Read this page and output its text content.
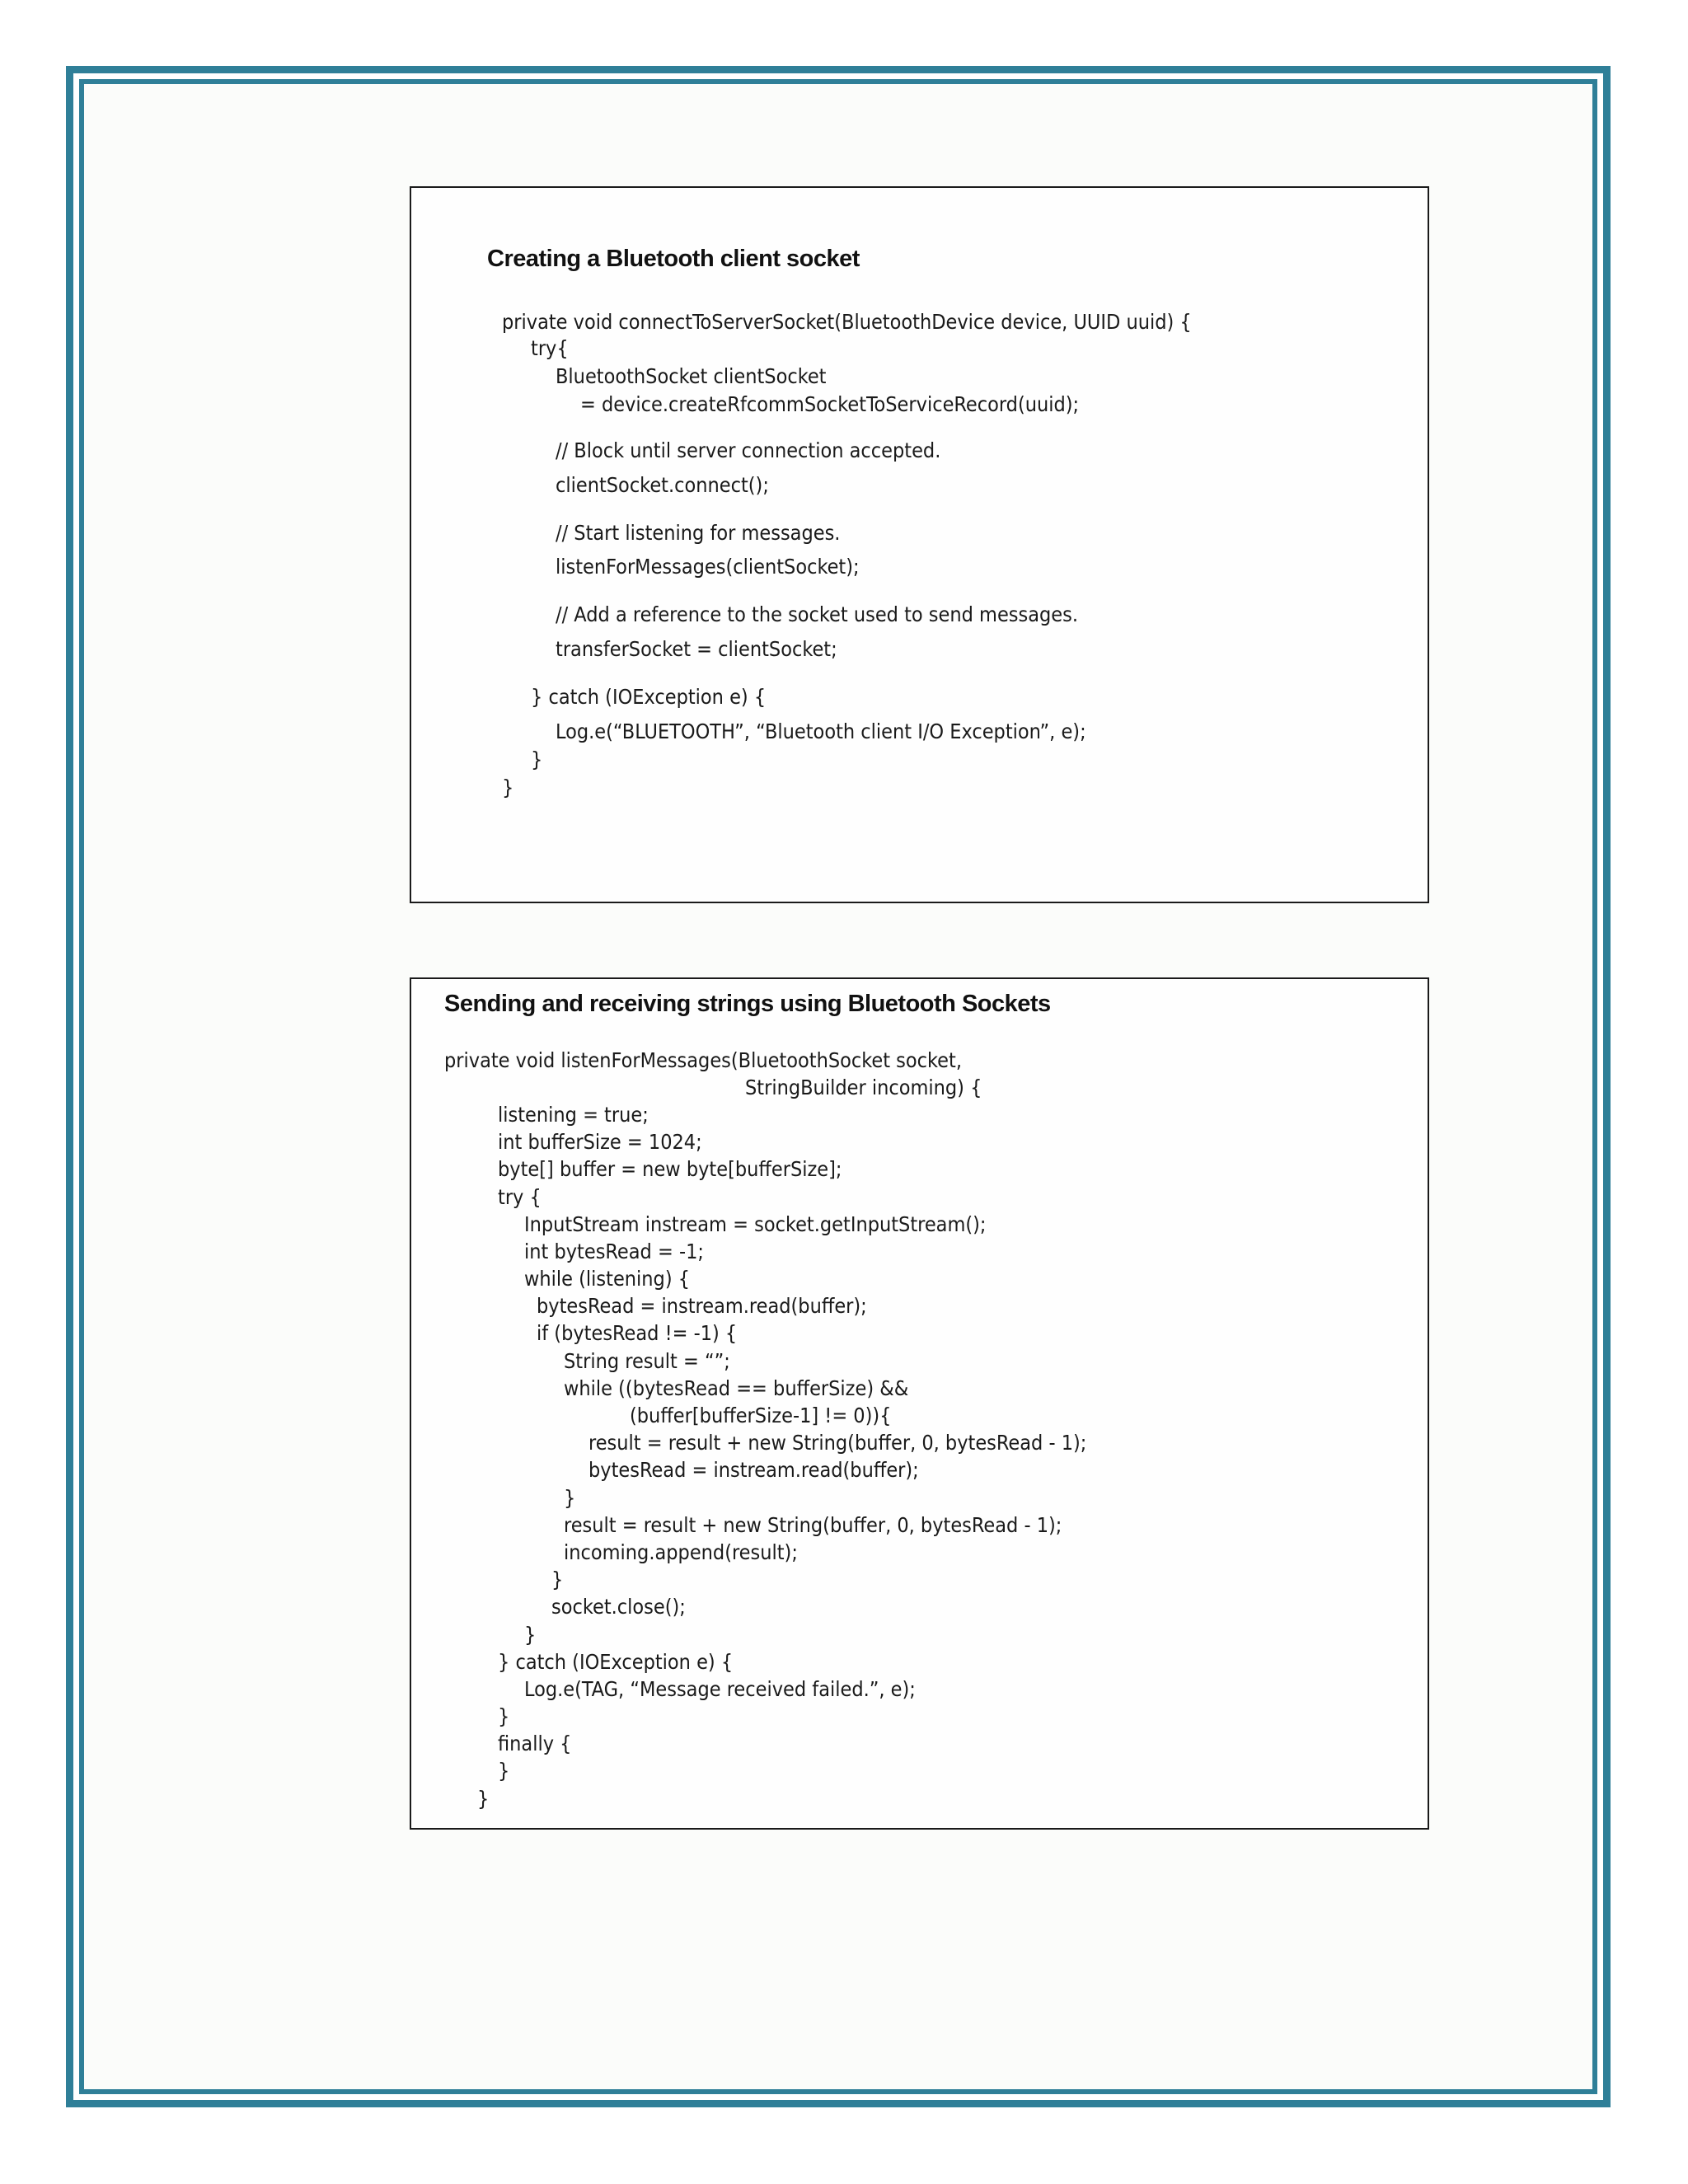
Creating a Bluetooth client socket
private void connectToServerSocket(BluetoothDevice device, UUID uuid) {
try{
BluetoothSocket clientSocket
= device.createRfcommSocketToServiceRecord(uuid);
// Block until server connection accepted.
clientSocket.connect();
// Start listening for messages.
listenForMessages(clientSocket);
// Add a reference to the socket used to send messages.
transferSocket = clientSocket;
} catch (IOException e) {
Log.e(“BLUETOOTH”, “Bluetooth client I/O Exception”, e);
}
}
Sending and receiving strings using Bluetooth Sockets
private void listenForMessages(BluetoothSocket socket,
StringBuilder incoming) {
listening = true;
int bufferSize = 1024;
byte[] buffer = new byte[bufferSize];
try {
InputStream instream = socket.getInputStream();
int bytesRead = -1;
while (listening) {
bytesRead = instream.read(buffer);
if (bytesRead != -1) {
String result = “”;
while ((bytesRead == bufferSize) &&
(buffer[bufferSize-1] != 0)){
result = result + new String(buffer, 0, bytesRead - 1);
bytesRead = instream.read(buffer);
}
result = result + new String(buffer, 0, bytesRead - 1);
incoming.append(result);
}
socket.close();
}
} catch (IOException e) {
Log.e(TAG, “Message received failed.”, e);
}
finally {
}
}
